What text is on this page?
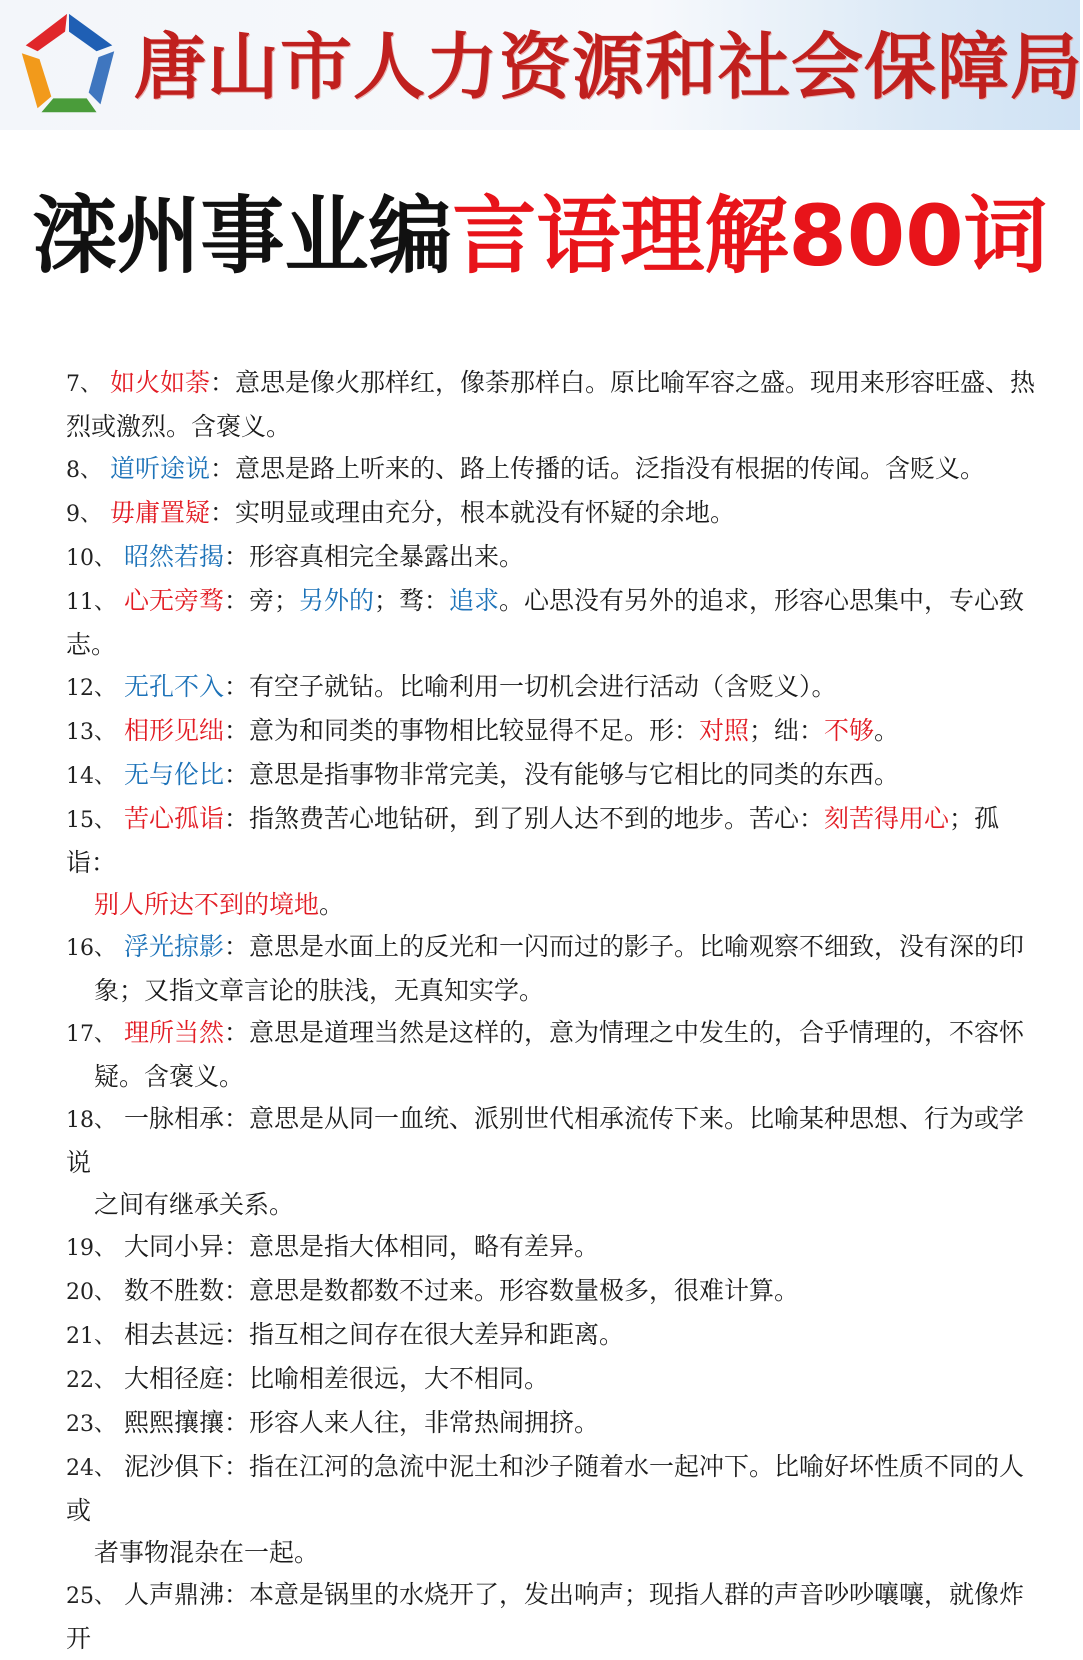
唐山市人力资源和社会保障局
滦州事业编言语理解800词
7、 如火如荼：意思是像火那样红，像荼那样白。原比喻军容之盛。现用来形容旺盛、热
烈或激烈。含褒义。
8、 道听途说：意思是路上听来的、路上传播的话。泛指没有根据的传闻。含贬义。
9、 毋庸置疑：实明显或理由充分，根本就没有怀疑的余地。
10、 昭然若揭：形容真相完全暴露出来。
11、 心无旁骛：旁；另外的；骛：追求。心思没有另外的追求，形容心思集中，专心致志。
12、 无孔不入：有空子就钻。比喻利用一切机会进行活动（含贬义）。
13、 相形见绌：意为和同类的事物相比较显得不足。形：对照；绌：不够。
14、 无与伦比：意思是指事物非常完美，没有能够与它相比的同类的东西。
15、 苦心孤诣：指煞费苦心地钻研，到了别人达不到的地步。苦心：刻苦得用心；孤诣：
别人所达不到的境地。
16、 浮光掠影：意思是水面上的反光和一闪而过的影子。比喻观察不细致，没有深的印
象；又指文章言论的肤浅，无真知实学。
17、 理所当然：意思是道理当然是这样的，意为情理之中发生的，合乎情理的，不容怀
疑。含褒义。
18、 一脉相承：意思是从同一血统、派别世代相承流传下来。比喻某种思想、行为或学说
之间有继承关系。
19、 大同小异：意思是指大体相同，略有差异。
20、 数不胜数：意思是数都数不过来。形容数量极多，很难计算。
21、 相去甚远：指互相之间存在很大差异和距离。
22、 大相径庭：比喻相差很远，大不相同。
23、 熙熙攘攘：形容人来人往，非常热闹拥挤。
24、 泥沙俱下：指在江河的急流中泥土和沙子随着水一起冲下。比喻好坏性质不同的人或
者事物混杂在一起。
25、 人声鼎沸：本意是锅里的水烧开了，发出响声；现指人群的声音吵吵嚷嚷，就像炸开
